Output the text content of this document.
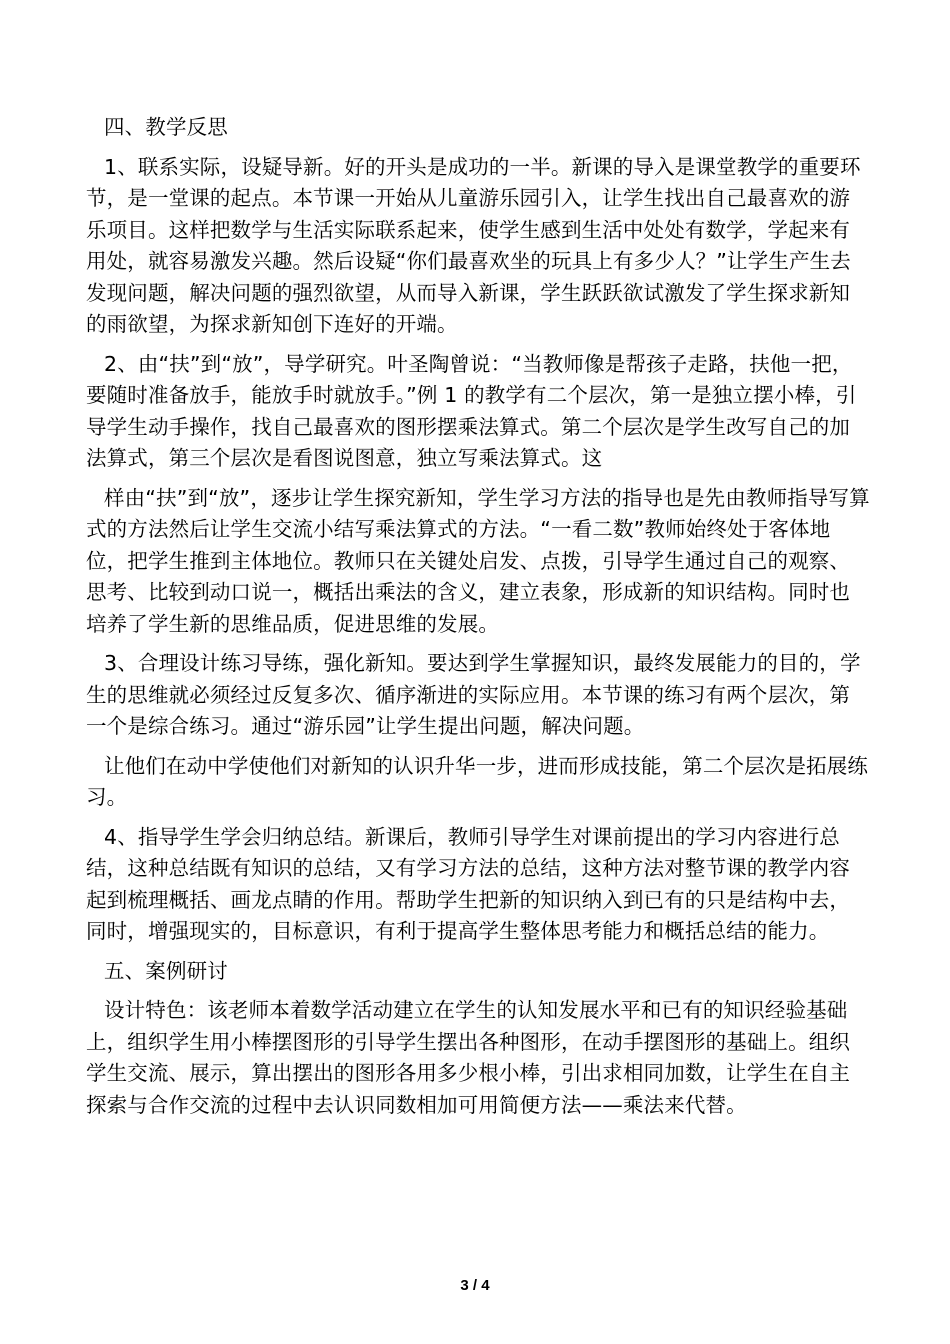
四、教学反思

1、联系实际，设疑导新。好的开头是成功的一半。新课的导入是课堂教学的重要环节，是一堂课的起点。本节课一开始从儿童游乐园引入，让学生找出自己最喜欢的游乐项目。这样把数学与生活实际联系起来，使学生感到生活中处处有数学，学起来有用处，就容易激发兴趣。然后设疑“你们最喜欢坐的玩具上有多少人？”让学生产生去发现问题，解决问题的强烈欲望，从而导入新课，学生跃跃欲试激发了学生探求新知的雨欲望，为探求新知创下连好的开端。

2、由“扶”到“放”，导学研究。叶圣陶曾说：“当教师像是帮孩子走路，扶他一把，要随时准备放手，能放手时就放手。”例 1 的教学有二个层次，第一是独立摆小棒，引导学生动手操作，找自己最喜欢的图形摆乘法算式。第二个层次是学生改写自己的加法算式，第三个层次是看图说图意，独立写乘法算式。这

样由“扶”到“放”，逐步让学生探究新知，学生学习方法的指导也是先由教师指导写算式的方法然后让学生交流小结写乘法算式的方法。“一看二数”教师始终处于客体地位，把学生推到主体地位。教师只在关键处启发、点拨，引导学生通过自己的观察、思考、比较到动口说一，概括出乘法的含义，建立表象，形成新的知识结构。同时也培养了学生新的思维品质，促进思维的发展。

3、合理设计练习导练，强化新知。要达到学生掌握知识，最终发展能力的目的，学生的思维就必须经过反复多次、循序渐进的实际应用。本节课的练习有两个层次，第一个是综合练习。通过“游乐园”让学生提出问题，解决问题。

让他们在动中学使他们对新知的认识升华一步，进而形成技能，第二个层次是拓展练习。

4、指导学生学会归纳总结。新课后，教师引导学生对课前提出的学习内容进行总结，这种总结既有知识的总结，又有学习方法的总结，这种方法对整节课的教学内容起到梳理概括、画龙点睛的作用。帮助学生把新的知识纳入到已有的只是结构中去，同时，增强现实的，目标意识，有利于提高学生整体思考能力和概括总结的能力。

五、案例研讨

设计特色：该老师本着数学活动建立在学生的认知发展水平和已有的知识经验基础上，组织学生用小棒摆图形的引导学生摆出各种图形，在动手摆图形的基础上。组织学生交流、展示，算出摆出的图形各用多少根小棒，引出求相同加数，让学生在自主探索与合作交流的过程中去认识同数相加可用简便方法——乘法来代替。

3 / 4
